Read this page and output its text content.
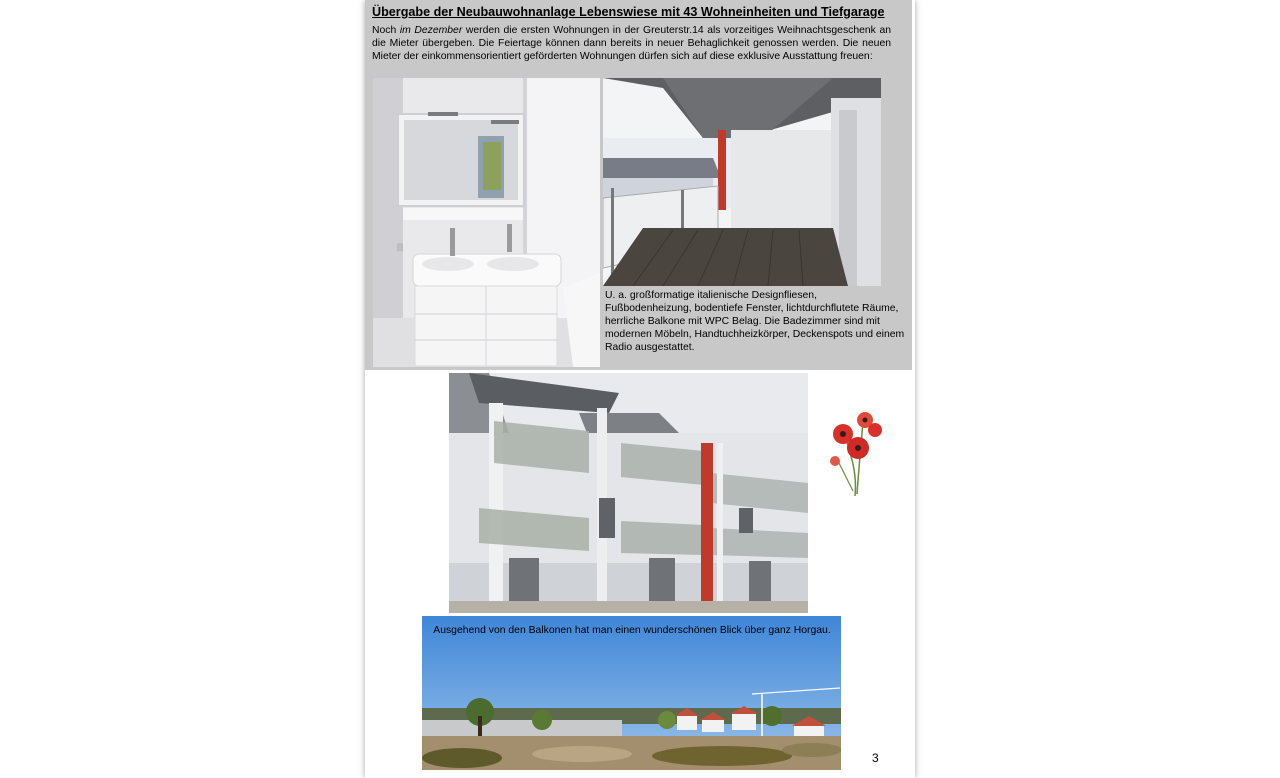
Übergabe der Neubauwohnanlage Lebenswiese mit 43 Wohneinheiten und Tiefgarage
Noch im Dezember werden die ersten Wohnungen in der Greuterstr.14 als vorzeitiges Weihnachtsgeschenk an die Mieter übergeben. Die Feiertage können dann bereits in neuer Behaglichkeit genossen werden. Die neuen Mieter der einkommensorientiert geförderten Wohnungen dürfen sich auf diese exklusive Ausstattung freuen:
U. a. großformatige italienische Designfliesen, Fußbodenheizung, bodentiefe Fenster, lichtdurchflutete Räume, herrliche Balkone mit WPC Belag. Die Badezimmer sind mit modernen Möbeln, Handtuchheizkörper, Deckenspots und einem Radio ausgestattet.
Ausgehend von den Balkonen hat man einen wunderschönen Blick über ganz Horgau.
3
